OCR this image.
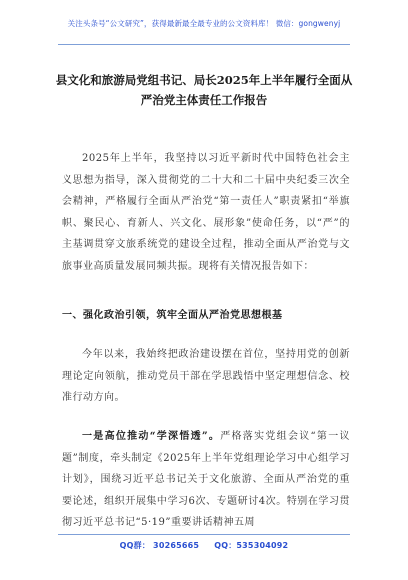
关注头条号“公文研究”，获得最新最全最专业的公文资料库！ 微信：gongwenyj
县文化和旅游局党组书记、局长2025年上半年履行全面从
严治党主体责任工作报告

2025年上半年，我坚持以习近平新时代中国特色社会主义思想为指导，深入贯彻党的二十大和二十届中央纪委三次全会精神，严格履行全面从严治党“第一责任人”职责紧扣“举旗帜、聚民心、育新人、兴文化、展形象”使命任务，以“严”的主基调贯穿文旅系统党的建设全过程，推动全面从严治党与文旅事业高质量发展同频共振。现将有关情况报告如下：

一、强化政治引领，筑牢全面从严治党思想根基

今年以来，我始终把政治建设摆在首位，坚持用党的创新理论定向领航，推动党员干部在学思践悟中坚定理想信念、校准行动方向。

一是高位推动“学深悟透”。严格落实党组会议“第一议题”制度，牵头制定《2025年上半年党组理论学习中心组学习计划》，围绕习近平总书记关于文化旅游、全面从严治党的重要论述，组织开展集中学习6次、专题研讨4次。特别在学习贯彻习近平总书记“5·19”重要讲话精神五周

QQ群： 30265665 QQ：535304092
